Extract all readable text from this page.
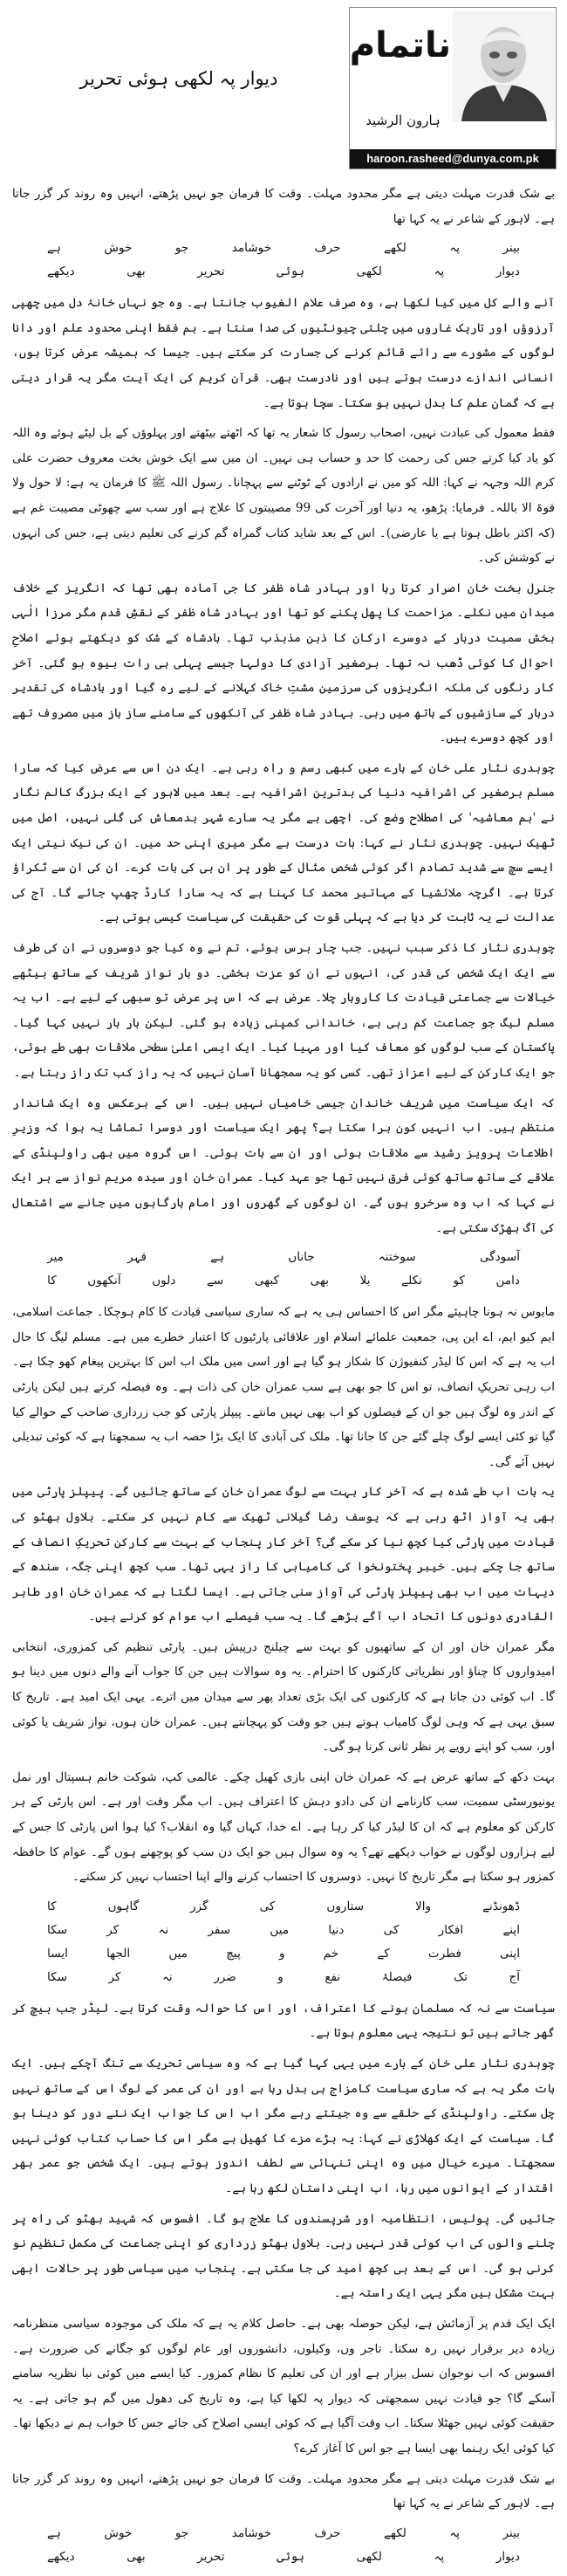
دیوار پہ لکھی ہوئی تحریر
ناتمام
ہارون الرشید
haroon.rasheed@dunya.com.pk

بے شک قدرت مہلت دیتی ہے مگر محدود مہلت۔ وقت کا فرمان جو نہیں پڑھتے، انہیں وہ روند کر گزر جاتا ہے۔ لاہور کے شاعر نے یہ کہا تھا

بینر
پہ
لکھے
حرف
خوشامد
جو
خوش
ہے
دیوار
پہ
لکھی
ہوئی
تحریر
بھی
دیکھے

آنے والے کل میں کیا لکھا ہے، وہ صرف علام الغیوب جانتا ہے۔ وہ جو نہاں خانۂ دل میں چھپی آرزوؤں اور تاریک غاروں میں چلتی چیونٹیوں کی صدا سنتا ہے۔ ہم فقط اپنی محدود علم اور دانا لوگوں کے مشورے سے رائے قائم کرنے کی جسارت کر سکتے ہیں۔ جیسا کہ ہمیشہ عرض کرتا ہوں، انسانی اندازے درست ہوتے ہیں اور نادرست بھی۔ قرآن کریم کی ایک آیت مگر یہ قرار دیتی ہے کہ گمان علم کا بدل نہیں ہو سکتا۔ سچا ہوتا ہے۔

فقط معمول کی عبادت نہیں، اصحاب رسول کا شعار یہ تھا کہ اٹھتے بیٹھتے اور پہلوؤں کے بل لیٹے ہوئے وہ اللہ کو یاد کیا کرتے جس کی رحمت کا حد و حساب ہی نہیں۔ ان میں سے ایک خوش بخت معروف حضرت علی کرم اللہ وجہہ نے کہا: اللہ کو میں نے ارادوں کے ٹوٹنے سے پہچانا۔ رسول اللہ ﷺ کا فرمان یہ ہے: لا حول ولا قوۃ الا باللہ۔ فرمایا: پڑھو، یہ دنیا اور آخرت کی 99 مصیبتوں کا علاج ہے اور سب سے چھوٹی مصیبت غم ہے (کہ اکثر باطل ہوتا ہے یا عارضی)۔ اس کے بعد شاید کتاب گمراہ گم کرنے کی تعلیم دیتی ہے، جس کی انہوں نے کوشش کی۔

جنرل بخت خان اصرار کرتا رہا اور بہادر شاہ ظفر کا جی آمادہ بھی تھا کہ انگریز کے خلاف میدان میں نکلے۔ مزاحمت کا پھل پکنے کو تھا اور بہادر شاہ ظفر کے نقشِ قدم مگر مرزا الٰہی بخش سمیت دربار کے دوسرے ارکان کا ذہن مذبذب تھا۔ بادشاہ کے شک کو دیکھتے ہوئے اصلاحِ احوال کا کوئی ڈھب نہ تھا۔ برصغیر آزادی کا دولہا جیسے پہلی ہی رات بیوہ ہو گئی۔ آخر کار رنگوں کی ملکہ انگریزوں کی سرزمین مشتِ خاک کہلانے کے لیے رہ گیا اور بادشاہ کی تقدیر دربار کے سازشیوں کے ہاتھ میں رہی۔ بہادر شاہ ظفر کی آنکھوں کے سامنے ساز باز میں مصروف تھے اور کچھ دوسرے ہیں۔

چوہدری نثار علی خان کے بارے میں کبھی رسم و راہ رہی ہے۔ ایک دن اس سے عرض کیا کہ سارا مسلم برصغیر کی اشرافیہ دنیا کی بدترین اشرافیہ ہے۔ بعد میں لاہور کے ایک بزرگ کالم نگار نے 'ہم معاشیہ' کی اصطلاح وضع کی۔ اچھی ہے مگر یہ سارے شہر بدمعاش کی گلی نہیں، اصل میں ٹھیک نہیں۔ چوہدری نثار نے کہا: بات درست ہے مگر میری اپنی حد میں۔ ان کی نیک نیتی ایک ایسے سچ سے شدید تصادم اگر کوئی شخص مثال کے طور پر ان ہی کی بات کرے۔ ان کی ان سے ٹکراؤ کرتا ہے۔ اگرچہ ملائشیا کے مہاتیر محمد کا کہنا ہے کہ یہ سارا کارڈ چھپ جائے گا۔ آج کی عدالت نے یہ ثابت کر دیا ہے کہ پہلی قوت کی حقیقت کی سیاست کیسی ہوتی ہے۔

چوہدری نثار کا ذکر سبب نہیں۔ جب چار برس ہوئے، تم نے وہ کیا جو دوسروں نے ان کی طرف سے ایک ایک شخص کی قدر کی، انہوں نے ان کو عزت بخشی۔ دو بار نواز شریف کے ساتھ بیٹھے خیالات سے جماعتی قیادت کا کاروبار چلا۔ عرض ہے کہ اس پر عرض تو سبھی کے لیے ہے۔ اب یہ مسلم لیگ جو جماعت کم رہی ہے، خاندانی کمپنی زیادہ ہو گئی۔ لیکن بار بار نہیں کہا گیا۔ پاکستان کے سب لوگوں کو معاف کیا اور مہیا کیا۔ ایک ایسی اعلیٰ سطحی ملاقات بھی طے ہوئی، جو ایک کارکن کے لیے اعزاز تھی۔ کسی کو یہ سمجھانا آسان نہیں کہ یہ راز کب تک راز رہتا ہے۔

کہ ایک سیاست میں شریف خاندان جیسی خامیاں نہیں ہیں۔ اس کے برعکس وہ ایک شاندار منتظم ہیں۔ اب انہیں کون ہرا سکتا ہے؟ پھر ایک سیاست اور دوسرا تماشا یہ ہوا کہ وزیرِ اطلاعات پرویز رشید سے ملاقات ہوئی اور ان سے بات ہوئی۔ اس گروہ میں بھی راولپنڈی کے علاقے کے ساتھ ساتھ کوئی فرق نہیں تھا جو عہد کیا۔ عمران خان اور سیدہ مریم نواز سے ہر ایک نے کہا کہ اب وہ سرخرو ہوں گے۔ ان لوگوں کے گھروں اور امام بارگاہوں میں جانے سے اشتعال کی آگ بھڑک سکتی ہے۔

آسودگی
سوختنہ
جاناں
ہے
قہر
میر
دامن
کو
نکلے
بلا
بھی
کبھی
سے
دلوں
آنکھوں
کا

مایوس نہ ہونا چاہیئے مگر اس کا احساس ہی یہ ہے کہ ساری سیاسی قیادت کا کام ہوچکا۔ جماعت اسلامی، ایم کیو ایم، اے این پی، جمعیت علمائے اسلام اور علاقائی پارٹیوں کا اعتبار خطرے میں ہے۔ مسلم لیگ کا حال اب یہ ہے کہ اس کا لیڈر کنفیوژن کا شکار ہو گیا ہے اور اسی میں ملک اب اس کا بہترین پیغام کھو چکا ہے۔ اب رہی تحریکِ انصاف، تو اس کا جو بھی ہے سب عمران خان کی ذات ہے۔ وہ فیصلہ کرتے ہیں لیکن پارٹی کے اندر وہ لوگ ہیں جو ان کے فیصلوں کو اب بھی نہیں مانتے۔ پیپلز پارٹی کو جب زرداری صاحب کے حوالے کیا گیا تو کئی ایسے لوگ چلے گئے جن کا جانا تھا۔ ملک کی آبادی کا ایک بڑا حصہ اب یہ سمجھتا ہے کہ کوئی تبدیلی نہیں آئے گی۔

یہ بات اب طے شدہ ہے کہ آخر کار بہت سے لوگ عمران خان کے ساتھ جائیں گے۔ پیپلز پارٹی میں بھی یہ آواز اٹھ رہی ہے کہ یوسف رضا گیلانی ٹھیک سے کام نہیں کر سکتے۔ بلاول بھٹو کی قیادت میں پارٹی کیا کچھ نیا کر سکے گی؟ آخر کار پنجاب کے بہت سے کارکن تحریکِ انصاف کے ساتھ جا چکے ہیں۔ خیبر پختونخوا کی کامیابی کا راز یہی تھا۔ سب کچھ اپنی جگہ، سندھ کے دیہات میں اب بھی پیپلز پارٹی کی آواز سنی جاتی ہے۔ ایسا لگتا ہے کہ عمران خان اور طاہر القادری دونوں کا اتحاد اب آگے بڑھے گا۔ یہ سب فیصلے اب عوام کو کرنے ہیں۔

مگر عمران خان اور ان کے ساتھیوں کو بہت سے چیلنج درپیش ہیں۔ پارٹی تنظیم کی کمزوری، انتخابی امیدواروں کا چناؤ اور نظریاتی کارکنوں کا احترام۔ یہ وہ سوالات ہیں جن کا جواب آنے والے دنوں میں دینا ہو گا۔ اب کوئی دن جاتا ہے کہ کارکنوں کی ایک بڑی تعداد پھر سے میدان میں اترے۔ یہی ایک امید ہے۔ تاریخ کا سبق یہی ہے کہ وہی لوگ کامیاب ہوتے ہیں جو وقت کو پہچانتے ہیں۔ عمران خان ہوں، نواز شریف یا کوئی اور، سب کو اپنے رویے پر نظر ثانی کرنا ہو گی۔

بہت دکھ کے ساتھ عرض ہے کہ عمران خان اپنی بازی کھیل چکے۔ عالمی کپ، شوکت خانم ہسپتال اور نمل یونیورسٹی سمیت، سب کارنامے ان کی دادو دہش کا اعتراف ہیں۔ اب مگر وقت اور ہے۔ اس پارٹی کے ہر کارکن کو معلوم ہے کہ ان کا لیڈر کیا کر رہا ہے۔ اے خدا، کہاں گیا وہ انقلاب؟ کیا ہوا اس پارٹی کا جس کے لیے ہزاروں لوگوں نے خواب دیکھے تھے؟ یہ وہ سوال ہیں جو ایک دن سب کو پوچھنے ہوں گے۔ عوام کا حافظہ کمزور ہو سکتا ہے مگر تاریخ کا نہیں۔ دوسروں کا احتساب کرنے والے اپنا احتساب نہیں کر سکتے۔

ڈھونڈنے
والا
ستاروں
کی
گزر
گاہوں
کا
اپنے
افکار
کی
دنیا
میں
سفر
نہ
کر
سکا
اپنی
فطرت
کے
خم
و
پیچ
میں
الجھا
ایسا
آج
تک
فیصلۂ
نفع
و
ضرر
نہ
کر
سکا

سیاست سے نہ کہ مسلمان ہونے کا اعتراف، اور اس کا حوالہ وقت کرتا ہے۔ لیڈر جب بیچ کر گھر جاتے ہیں تو نتیجہ یہی معلوم ہوتا ہے۔

چوہدری نثار علی خان کے بارے میں یہی کہا گیا ہے کہ وہ سیاسی تحریک سے تنگ آچکے ہیں۔ ایک بات مگر یہ ہے کہ ساری سیاست کامزاج ہی بدل رہا ہے اور ان کی عمر کے لوگ اس کے ساتھ نہیں چل سکتے۔ راولپنڈی کے حلقے سے وہ جیتتے رہے مگر اب اس کا جواب ایک نئے دور کو دینا ہو گا۔ سیاست کے ایک کھلاڑی نے کہا: یہ بڑے مزے کا کھیل ہے مگر اس کا حساب کتاب کوئی نہیں سمجھتا۔ میرے خیال میں وہ اپنی تنہائی سے لطف اندوز ہوتے ہیں۔ ایک شخص جو عمر بھر اقتدار کے ایوانوں میں رہا، اب اپنی داستان لکھ رہا ہے۔

جائیں گی۔ پولیس، انتظامیہ اور شرپسندوں کا علاج ہو گا۔ افسوس کہ شہید بھٹو کی راہ پر چلنے والوں کی اب کوئی قدر نہیں رہی۔ بلاول بھٹو زرداری کو اپنی جماعت کی مکمل تنظیم نو کرنی ہو گی۔ اس کے بعد ہی کچھ امید کی جا سکتی ہے۔ پنجاب میں سیاسی طور پر حالات ابھی بہت مشکل ہیں مگر یہی ایک راستہ ہے۔

ایک ایک قدم پر آزمائش ہے، لیکن حوصلہ بھی ہے۔ حاصل کلام یہ ہے کہ ملک کی موجودہ سیاسی منظرنامہ زیادہ دیر برقرار نہیں رہ سکتا۔ تاجر وں، وکیلوں، دانشوروں اور عام لوگوں کو جگانے کی ضرورت ہے۔ افسوس کہ اب نوجوان نسل بیزار ہے اور ان کی تعلیم کا نظام کمزور۔ کیا ایسے میں کوئی نیا نظریہ سامنے آسکے گا؟ جو قیادت نہیں سمجھتی کہ دیوار پہ لکھا کیا ہے، وہ تاریخ کی دھول میں گم ہو جاتی ہے۔ یہ حقیقت کوئی نہیں جھٹلا سکتا۔ اب وقت آگیا ہے کہ کوئی ایسی اصلاح کی جائے جس کا خواب ہم نے دیکھا تھا۔ کیا کوئی ایک رہنما بھی ایسا ہے جو اس کا آغاز کرے؟

بے شک قدرت مہلت دیتی ہے مگر محدود مہلت۔ وقت کا فرمان جو نہیں پڑھتے، انہیں وہ روند کر گزر جاتا ہے۔ لاہور کے شاعر نے یہ کہا تھا

بینر
پہ
لکھے
حرف
خوشامد
جو
خوش
ہے
دیوار
پہ
لکھی
ہوئی
تحریر
بھی
دیکھے
